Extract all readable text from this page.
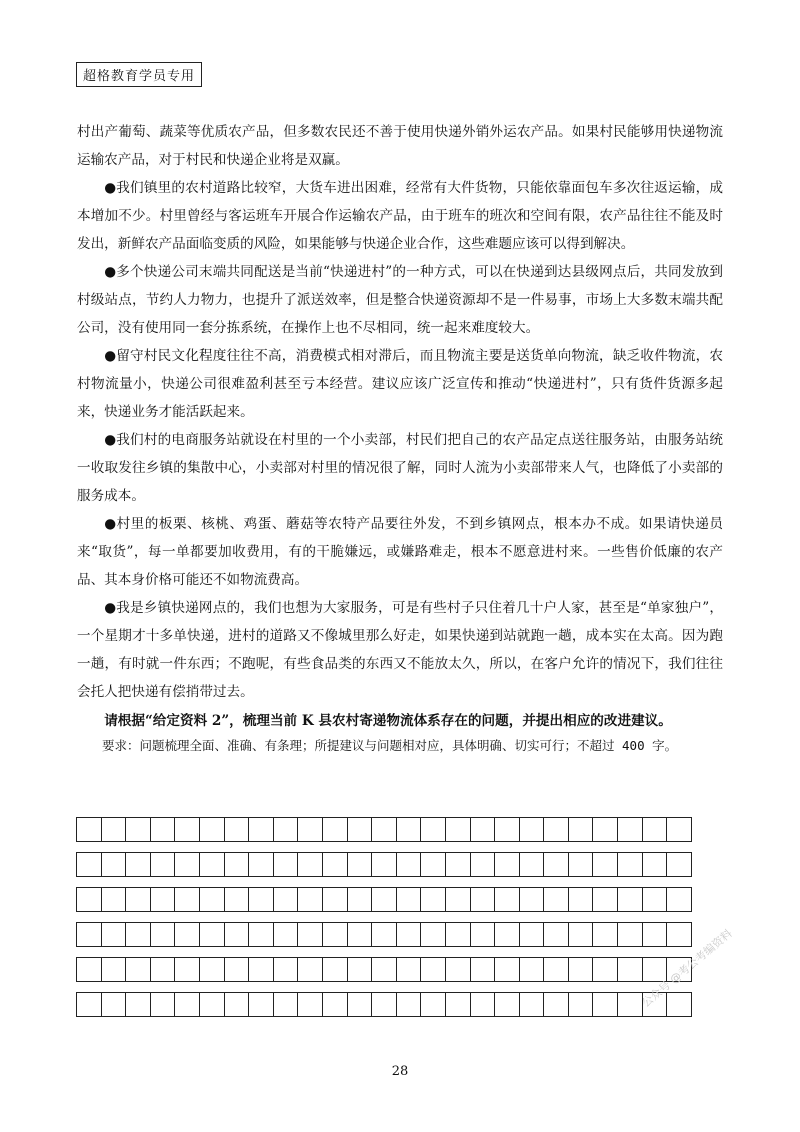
超格教育学员专用

村出产葡萄、蔬菜等优质农产品，但多数农民还不善于使用快递外销外运农产品。如果村民能够用快递物流运输农产品，对于村民和快递企业将是双赢。

●我们镇里的农村道路比较窄，大货车进出困难，经常有大件货物，只能依靠面包车多次往返运输，成本增加不少。村里曾经与客运班车开展合作运输农产品，由于班车的班次和空间有限，农产品往往不能及时发出，新鲜农产品面临变质的风险，如果能够与快递企业合作，这些难题应该可以得到解决。

●多个快递公司末端共同配送是当前“快递进村”的一种方式，可以在快递到达县级网点后，共同发放到村级站点，节约人力物力，也提升了派送效率，但是整合快递资源却不是一件易事，市场上大多数末端共配公司，没有使用同一套分拣系统，在操作上也不尽相同，统一起来难度较大。

●留守村民文化程度往往不高，消费模式相对滞后，而且物流主要是送货单向物流，缺乏收件物流，农村物流量小，快递公司很难盈利甚至亏本经营。建议应该广泛宣传和推动“快递进村”，只有货件货源多起来，快递业务才能活跃起来。

●我们村的电商服务站就设在村里的一个小卖部，村民们把自己的农产品定点送往服务站，由服务站统一收取发往乡镇的集散中心，小卖部对村里的情况很了解，同时人流为小卖部带来人气，也降低了小卖部的服务成本。

●村里的板栗、核桃、鸡蛋、蘑菇等农特产品要往外发，不到乡镇网点，根本办不成。如果请快递员来“取货”，每一单都要加收费用，有的干脆嫌远，或嫌路难走，根本不愿意进村来。一些售价低廉的农产品、其本身价格可能还不如物流费高。

●我是乡镇快递网点的，我们也想为大家服务，可是有些村子只住着几十户人家，甚至是“单家独户”，一个星期才十多单快递，进村的道路又不像城里那么好走，如果快递到站就跑一趟，成本实在太高。因为跑一趟，有时就一件东西；不跑呢，有些食品类的东西又不能放太久，所以，在客户允许的情况下，我们往往会托人把快递有偿捎带过去。

请根据“给定资料 2”，梳理当前 K 县农村寄递物流体系存在的问题，并提出相应的改进建议。

要求：问题梳理全面、准确、有条理；所提建议与问题相对应，具体明确、切实可行；不超过 400 字。

公众号 @考公考编资料
28
